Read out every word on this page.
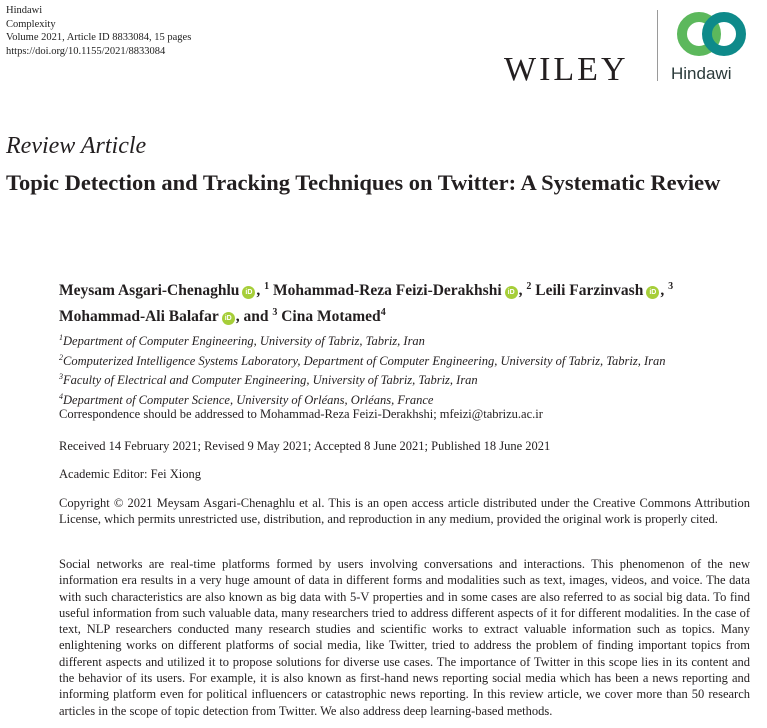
Hindawi
Complexity
Volume 2021, Article ID 8833084, 15 pages
https://doi.org/10.1155/2021/8833084	WILEY Hindawi
Review Article
Topic Detection and Tracking Techniques on Twitter: A Systematic Review
Meysam Asgari-Chenaghlu iD , $^1$ Mohammad-Reza Feizi-Derakhshi iD , $^2$ Leili Farzinvash iD , $^3$
Mohammad-Ali Balafar iD , and $^3$ Cina Motamed$^4$
$^1$Department of Computer Engineering, University of Tabriz, Tabriz, Iran
$^2$Computerized Intelligence Systems Laboratory, Department of Computer Engineering, University of Tabriz, Tabriz, Iran
$^3$Faculty of Electrical and Computer Engineering, University of Tabriz, Tabriz, Iran
$^4$Department of Computer Science, University of Orléans, Orléans, France
Correspondence should be addressed to Mohammad-Reza Feizi-Derakhshi; mfeizi@tabrizu.ac.ir
Received 14 February 2021; Revised 9 May 2021; Accepted 8 June 2021; Published 18 June 2021
Academic Editor: Fei Xiong
Copyright © 2021 Meysam Asgari-Chenaghlu et al. This is an open access article distributed under the Creative Commons Attribution License, which permits unrestricted use, distribution, and reproduction in any medium, provided the original work is properly cited.
Social networks are real-time platforms formed by users involving conversations and interactions. This phenomenon of the new information era results in a very huge amount of data in different forms and modalities such as text, images, videos, and voice. The data with such characteristics are also known as big data with 5-V properties and in some cases are also referred to as social big data. To find useful information from such valuable data, many researchers tried to address different aspects of it for different modalities. In the case of text, NLP researchers conducted many research studies and scientific works to extract valuable information such as topics. Many enlightening works on different platforms of social media, like Twitter, tried to address the problem of finding important topics from different aspects and utilized it to propose solutions for diverse use cases. The importance of Twitter in this scope lies in its content and the behavior of its users. For example, it is also known as first-hand news reporting social media which has been a news reporting and informing platform even for political influencers or catastrophic news reporting. In this review article, we cover more than 50 research articles in the scope of topic detection from Twitter. We also address deep learning-based methods.
